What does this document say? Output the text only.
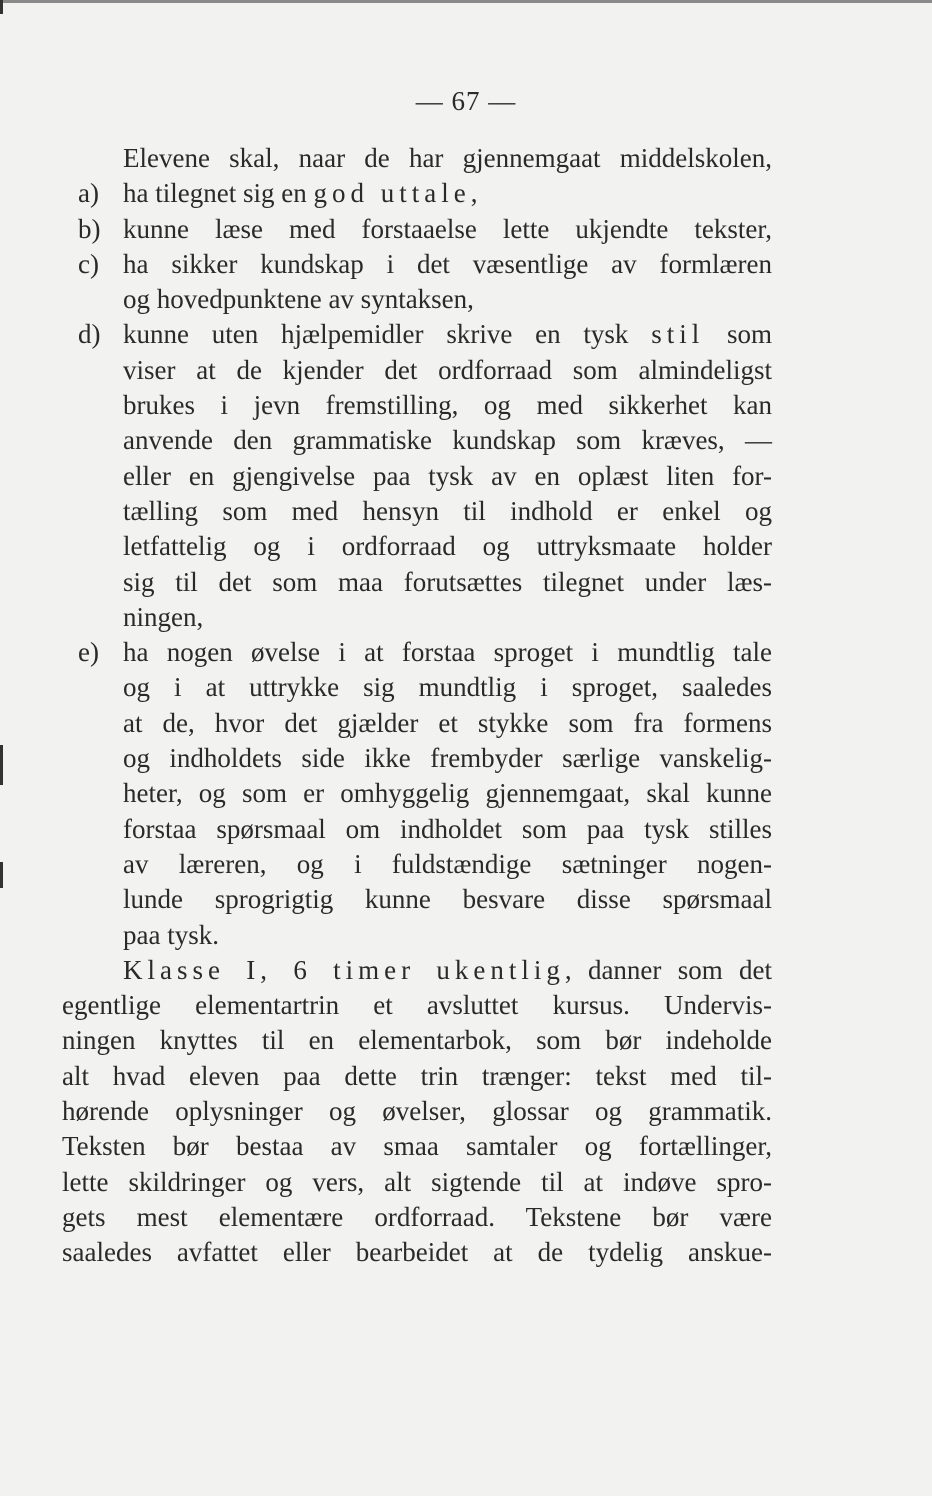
— 67 —
Elevene skal, naar de har gjennemgaat middelskolen,
a) ha tilegnet sig en god uttale,
b) kunne læse med forstaaelse lette ukjendte tekster,
c) ha sikker kundskap i det væsentlige av formlæren
og hovedpunktene av syntaksen,
d) kunne uten hjælpemidler skrive en tysk stil som
viser at de kjender det ordforraad som almindeligst
brukes i jevn fremstilling, og med sikkerhet kan
anvende den grammatiske kundskap som kræves, —
eller en gjengivelse paa tysk av en oplæst liten for-
tælling som med hensyn til indhold er enkel og
letfattelig og i ordforraad og uttryksmaate holder
sig til det som maa forutsættes tilegnet under læs-
ningen,
e) ha nogen øvelse i at forstaa sproget i mundtlig tale
og i at uttrykke sig mundtlig i sproget, saaledes
at de, hvor det gjælder et stykke som fra formens
og indholdets side ikke frembyder særlige vanskelig-
heter, og som er omhyggelig gjennemgaat, skal kunne
forstaa spørsmaal om indholdet som paa tysk stilles
av læreren, og i fuldstændige sætninger nogen-
lunde sprogrigtig kunne besvare disse spørsmaal
paa tysk.
Klasse I, 6 timer ukentlig, danner som det
egentlige elementartrin et avsluttet kursus. Undervis-
ningen knyttes til en elementarbok, som bør indeholde
alt hvad eleven paa dette trin trænger: tekst med til-
hørende oplysninger og øvelser, glossar og grammatik.
Teksten bør bestaa av smaa samtaler og fortællinger,
lette skildringer og vers, alt sigtende til at indøve spro-
gets mest elementære ordforraad. Tekstene bør være
saaledes avfattet eller bearbeidet at de tydelig anskue-
